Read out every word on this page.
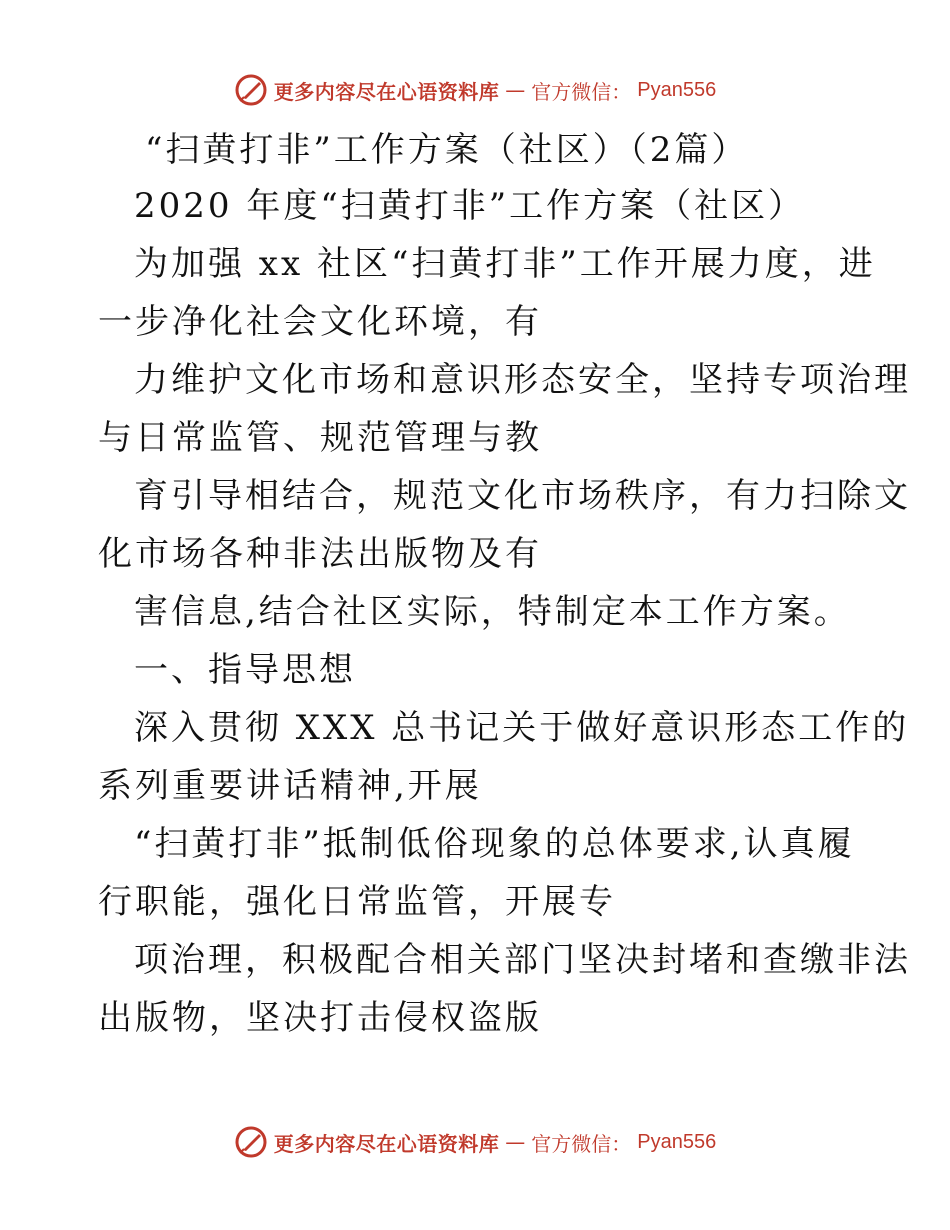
更多内容尽在心语资料库 — 官方微信： Pyan556
“扫黄打非”工作方案（社区）（2篇）
2020 年度“扫黄打非”工作方案（社区）
为加强 xx 社区“扫黄打非”工作开展力度，进
一步净化社会文化环境，有
力维护文化市场和意识形态安全，坚持专项治理
与日常监管、规范管理与教
育引导相结合，规范文化市场秩序，有力扫除文
化市场各种非法出版物及有
害信息,结合社区实际，特制定本工作方案。
一、指导思想
深入贯彻 XXX 总书记关于做好意识形态工作的
系列重要讲话精神,开展
“扫黄打非”抵制低俗现象的总体要求,认真履
行职能，强化日常监管，开展专
项治理，积极配合相关部门坚决封堵和查缴非法
出版物，坚决打击侵权盗版
更多内容尽在心语资料库 — 官方微信： Pyan556
